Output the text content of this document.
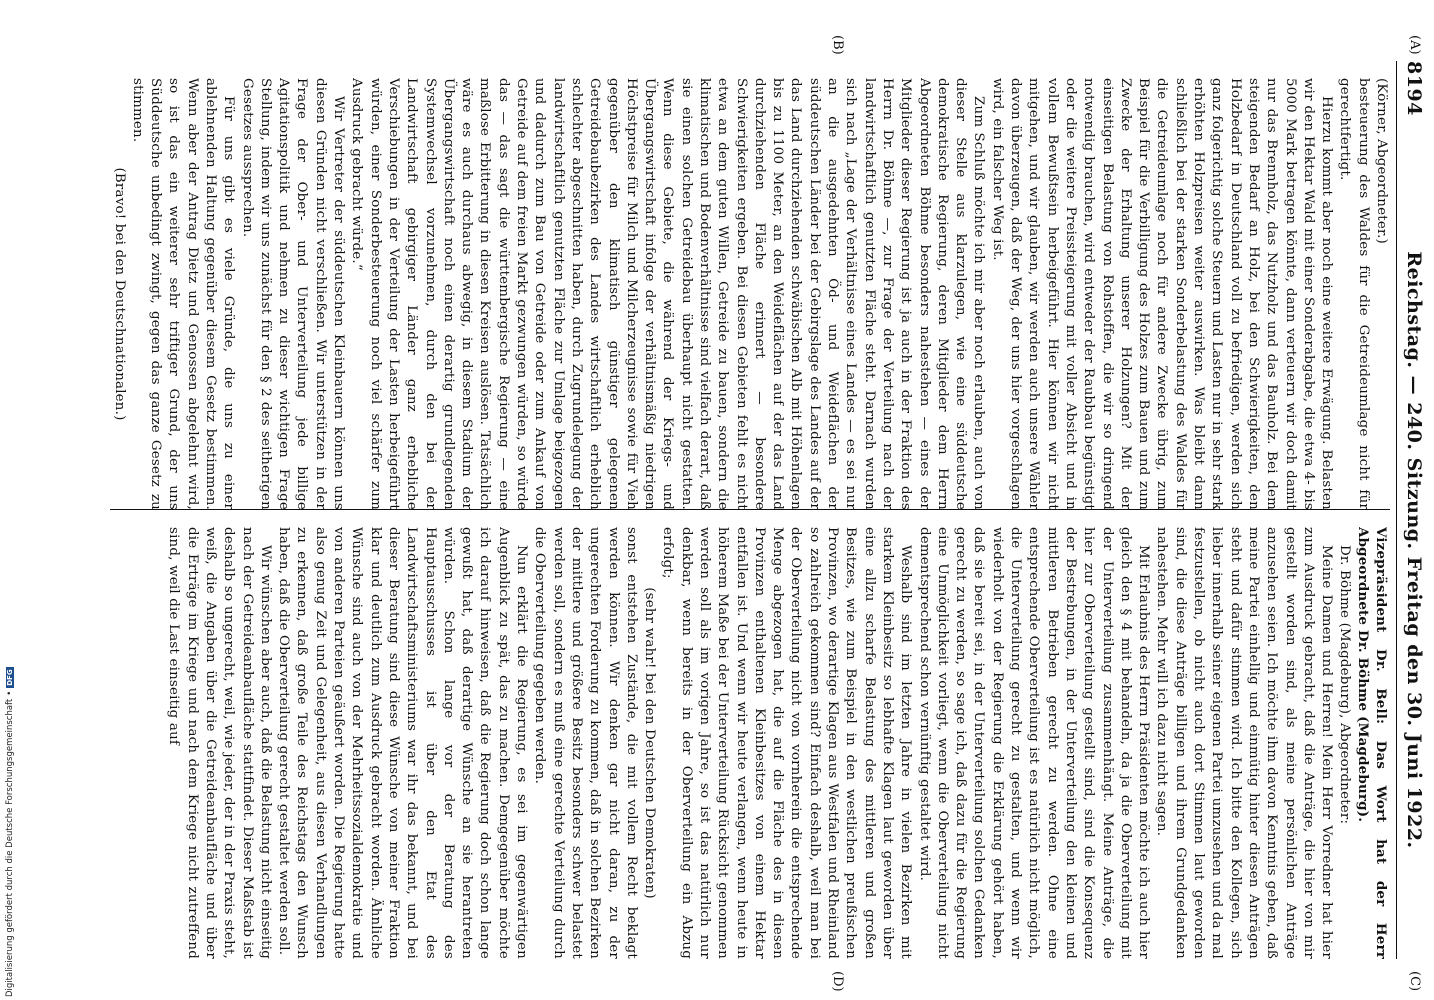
(A)
(B)
(C)
(D)
8194
Reichstag. — 240. Sitzung. Freitag den 30. Juni 1922.

(Körner, Abgeordneter.)

besteuerung des Waldes für die Getreideumlage nicht für gerechtfertigt.

Hierzu kommt aber noch eine weitere Erwägung. Belasten wir den Hektar Wald mit einer Sonderabgabe, die etwa 4- bis 5000 Mark betragen könnte, dann verteuern wir doch damit nur das Brennholz, das Nutzholz und das Bauholz. Bei dem steigenden Bedarf an Holz, bei den Schwierigkeiten, den Holzbedarf in Deutschland voll zu befriedigen, werden sich ganz folgerichtig solche Steuern und Lasten nur in sehr stark erhöhten Holzpreisen weiter auswirken. Was bleibt dann schließlich bei der starken Sonderbelastung des Waldes für die Getreideumlage noch für andere Zwecke übrig, zum Beispiel für die Verbilligung des Holzes zum Bauen und zum Zwecke der Erhaltung unserer Holzungen? Mit der einseitigen Belastung von Rohstoffen, die wir so dringend notwendig brauchen, wird entweder der Raubbau begünstigt oder die weitere Preissteigerung mit voller Absicht und in vollem Bewußtsein herbeigeführt. Hier können wir nicht mitgehen, und wir glauben, wir werden auch unsere Wähler davon überzeugen, daß der Weg, der uns hier vorgeschlagen wird, ein falscher Weg ist.

Zum Schluß möchte ich mir aber noch erlauben, auch von dieser Stelle aus klarzulegen, wie eine süddeutsche demokratische Regierung, deren Mitglieder dem Herrn Abgeordneten Böhme besonders nahestehen — eines der Mitglieder dieser Regierung ist ja auch in der Fraktion des Herrn Dr. Böhme —, zur Frage der Verteilung nach der landwirtschaftlich genutzten Fläche steht. Darnach wurden sich nach „Lage der Verhältnisse eines Landes — es sei nur an die ausgedehnten Öd- und Weideflächen der süddeutschen Länder bei der Gebirgslage des Landes auf der das Land durchziehenden schwäbischen Alb mit Höhenlagen bis zu 1100 Meter, an den Weideflächen auf der das Land durchziehenden Fläche erinnert — besondere Schwierigkeiten ergeben. Bei diesen Gebieten fehlt es nicht etwa an dem guten Willen, Getreide zu bauen, sondern die klimatischen und Bodenverhältnisse sind vielfach derart, daß sie einen solchen Getreidebau überhaupt nicht gestatten. Wenn diese Gebiete, die während der Kriegs- und Übergangswirtschaft infolge der verhältnismäßig niedrigen Höchstpreise für Milch und Milcherzeugnisse sowie für Vieh gegenüber den klimatisch günstiger gelegenen Getreidebaubezirken des Landes wirtschaftlich erheblich schlechter abgeschnitten haben, durch Zugrundelegung der landwirtschaftlich genutzten Fläche zur Umlage beigezogen und dadurch zum Bau von Getreide oder zum Ankauf von Getreide auf dem freien Markt gezwungen würden, so würde das — das sagt die württembergische Regierung — eine maßlose Erbitterung in diesen Kreisen auslösen. Tatsächlich wäre es auch durchaus abwegig, in diesem Stadium der Übergangswirtschaft noch einen derartig grundlegenden Systemwechsel vorzunehmen, durch den bei der Landwirtschaft gebirgiger Länder ganz erhebliche Verschiebungen in der Verteilung der Lasten herbeigeführt würden, einer Sonderbesteuerung noch viel schärfer zum Ausdruck gebracht würde.“

Wir Vertreter der süddeutschen Kleinbauern können uns diesen Gründen nicht verschließen. Wir unterstützen in der Frage der Ober- und Unterverteilung jede billige Agitationspolitik und nehmen zu dieser wichtigen Frage Stellung, indem wir uns zunächst für den § 2 des seitherigen Gesetzes aussprechen.

Für uns gibt es viele Gründe, die uns zu einer ablehnenden Haltung gegenüber diesem Gesetz bestimmen. Wenn aber der Antrag Dietz und Genossen abgelehnt wird, so ist das ein weiterer sehr triftiger Grund, der uns Süddeutsche unbedingt zwingt, gegen das ganze Gesetz zu stimmen.

(Bravo! bei den Deutschnationalen.)

Vizepräsident Dr. Bell: Das Wort hat der Herr Abgeordnete Dr. Böhme (Magdeburg).

Dr. Böhme (Magdeburg), Abgeordneter:

Meine Damen und Herren! Mein Herr Vorredner hat hier zum Ausdruck gebracht, daß die Anträge, die hier von mir gestellt worden sind, als meine persönlichen Anträge anzusehen seien. Ich möchte ihm davon Kenntnis geben, daß meine Partei einhellig und einmütig hinter diesen Anträgen steht und dafür stimmen wird. Ich bitte den Kollegen, sich lieber innerhalb seiner eigenen Partei umzusehen und da mal festzustellen, ob nicht auch dort Stimmen laut geworden sind, die diese Anträge billigen und ihrem Grundgedanken nahestehen. Mehr will ich dazu nicht sagen.

Mit Erlaubnis des Herrn Präsidenten möchte ich auch hier gleich den § 4 mit behandeln, da ja die Oberverteilung mit der Unterverteilung zusammenhängt. Meine Anträge, die hier zur Oberverteilung gestellt sind, sind die Konsequenz der Bestrebungen, in der Unterverteilung den kleinen und mittleren Betrieben gerecht zu werden. Ohne eine entsprechende Oberverteilung ist es natürlich nicht möglich, die Unterverteilung gerecht zu gestalten, und wenn wir wiederholt von der Regierung die Erklärung gehört haben, daß sie bereit sei, in der Unterverteilung solchen Gedanken gerecht zu werden, so sage ich, daß dazu für die Regierung eine Unmöglichkeit vorliegt, wenn die Oberverteilung nicht dementsprechend schon vernünftig gestaltet wird.

Weshalb sind im letzten Jahre in vielen Bezirken mit starkem Kleinbesitz so lebhafte Klagen laut geworden über eine allzu scharfe Belastung des mittleren und großen Besitzes, wie zum Beispiel in den westlichen preußischen Provinzen, wo derartige Klagen aus Westfalen und Rheinland so zahlreich gekommen sind? Einfach deshalb, weil man bei der Oberverteilung nicht von vornherein die entsprechende Menge abgezogen hat, die auf die Fläche des in diesen Provinzen enthaltenen Kleinbesitzes von einem Hektar entfallen ist. Und wenn wir heute verlangen, wenn heute in höherem Maße bei der Unterverteilung Rücksicht genommen werden soll als im vorigen Jahre, so ist das natürlich nur denkbar, wenn bereits in der Oberverteilung ein Abzug erfolgt;

(sehr wahr! bei den Deutschen Demokraten)

sonst entstehen Zustände, die mit vollem Recht beklagt werden können. Wir denken gar nicht daran, zu der ungerechten Forderung zu kommen, daß in solchen Bezirken der mittlere und größere Besitz besonders schwer belastet werden soll, sondern es muß eine gerechte Verteilung durch die Oberverteilung gegeben werden.

Nun erklärt die Regierung, es sei im gegenwärtigen Augenblick zu spät, das zu machen. Demgegenüber möchte ich darauf hinweisen, daß die Regierung doch schon lange gewußt hat, daß derartige Wünsche an sie herantreten würden. Schon lange vor der Beratung des Hauptausschusses ist über den Etat des Landwirtschaftsministeriums war ihr das bekannt, und bei dieser Beratung sind diese Wünsche von meiner Fraktion klar und deutlich zum Ausdruck gebracht worden. Ähnliche Wünsche sind auch von der Mehrheitssozialdemokratie und von anderen Parteien geäußert worden. Die Regierung hatte also genug Zeit und Gelegenheit, aus diesen Verhandlungen zu erkennen, daß große Teile des Reichstags den Wunsch haben, daß die Oberverteilung gerecht gestaltet werden soll.

Wir wünschen aber auch, daß die Belastung nicht einseitig nach der Getreideanbaufläche stattfindet. Dieser Maßstab ist deshalb so ungerecht, weil, wie jeder, der in der Praxis steht, weiß, die Angaben über die Getreideanbaufläche und über die Erträge im Kriege und nach dem Kriege nicht zutreffend sind, weil die Last einseitig auf

Digitalisierung gefördert durch die Deutsche Forschungsgemeinschaft
•
DFG
